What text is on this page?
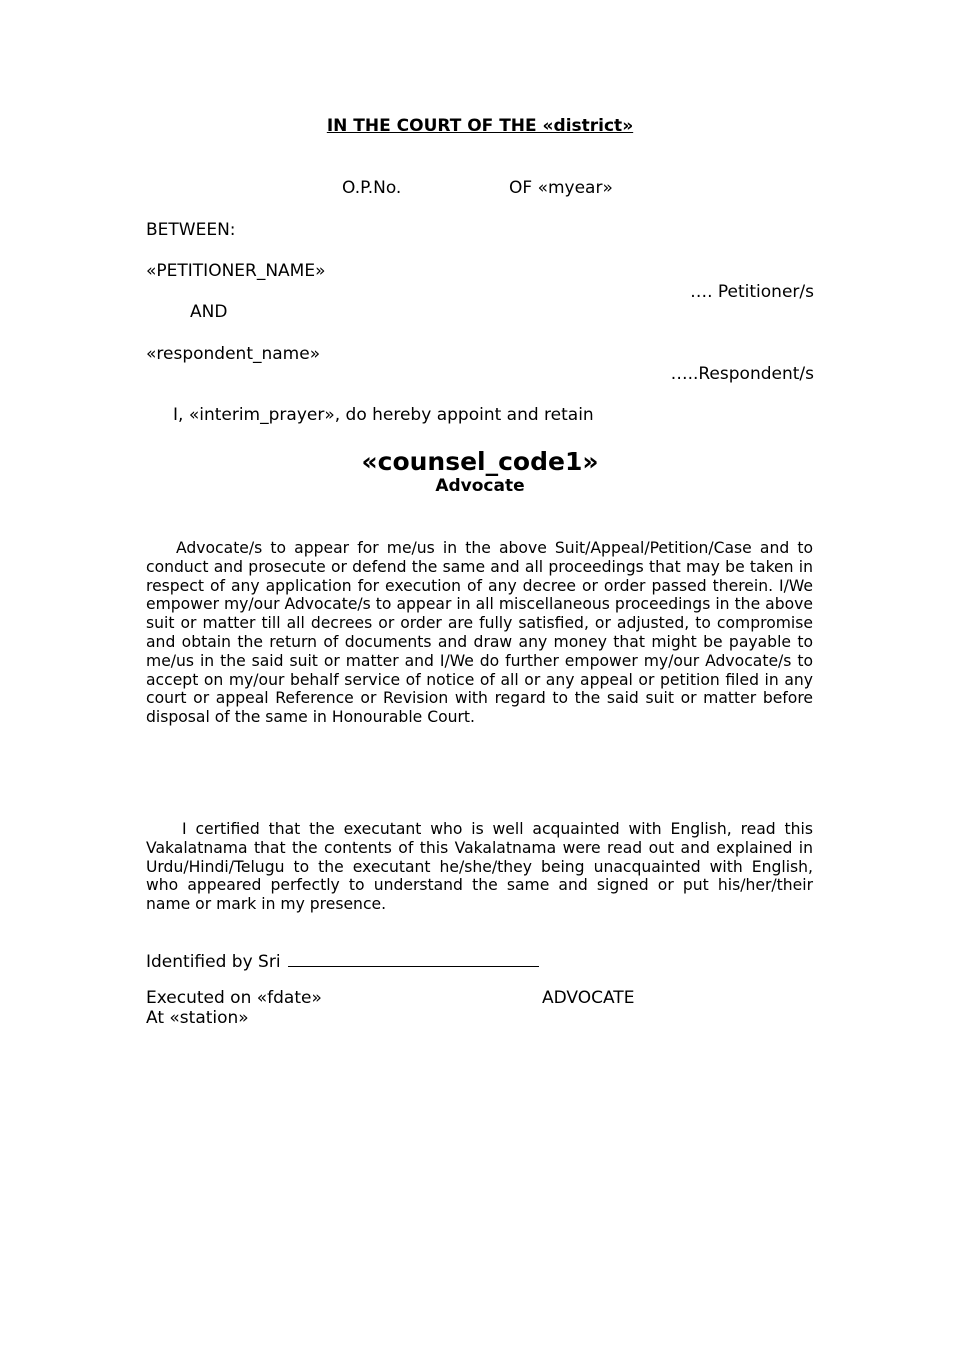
IN THE COURT OF THE «district»
O.P.No.	OF «myear»
BETWEEN:
«PETITIONER_NAME»
…. Petitioner/s
AND
«respondent_name»
…..Respondent/s
I, «interim_prayer», do hereby appoint and retain
«counsel_code1»
Advocate
Advocate/s to appear for me/us in the above Suit/Appeal/Petition/Case and to conduct and prosecute or defend the same and all proceedings that may be taken in respect of any application for execution of any decree or order passed therein. I/We empower my/our Advocate/s to appear in all miscellaneous proceedings in the above suit or matter till all decrees or order are fully satisfied, or adjusted, to compromise and obtain the return of documents and draw any money that might be payable to me/us in the said suit or matter and I/We do further empower my/our Advocate/s to accept on my/our behalf service of notice of all or any appeal or petition filed in any court or appeal Reference or Revision with regard to the said suit or matter before disposal of the same in Honourable Court.
I certified that the executant who is well acquainted with English, read this Vakalatnama that the contents of this Vakalatnama were read out and explained in Urdu/Hindi/Telugu to the executant he/she/they being unacquainted with English, who appeared perfectly to understand the same and signed or put his/her/their name or mark in my presence.
Identified by Sri
Executed on «fdate»	ADVOCATE
At «station»
